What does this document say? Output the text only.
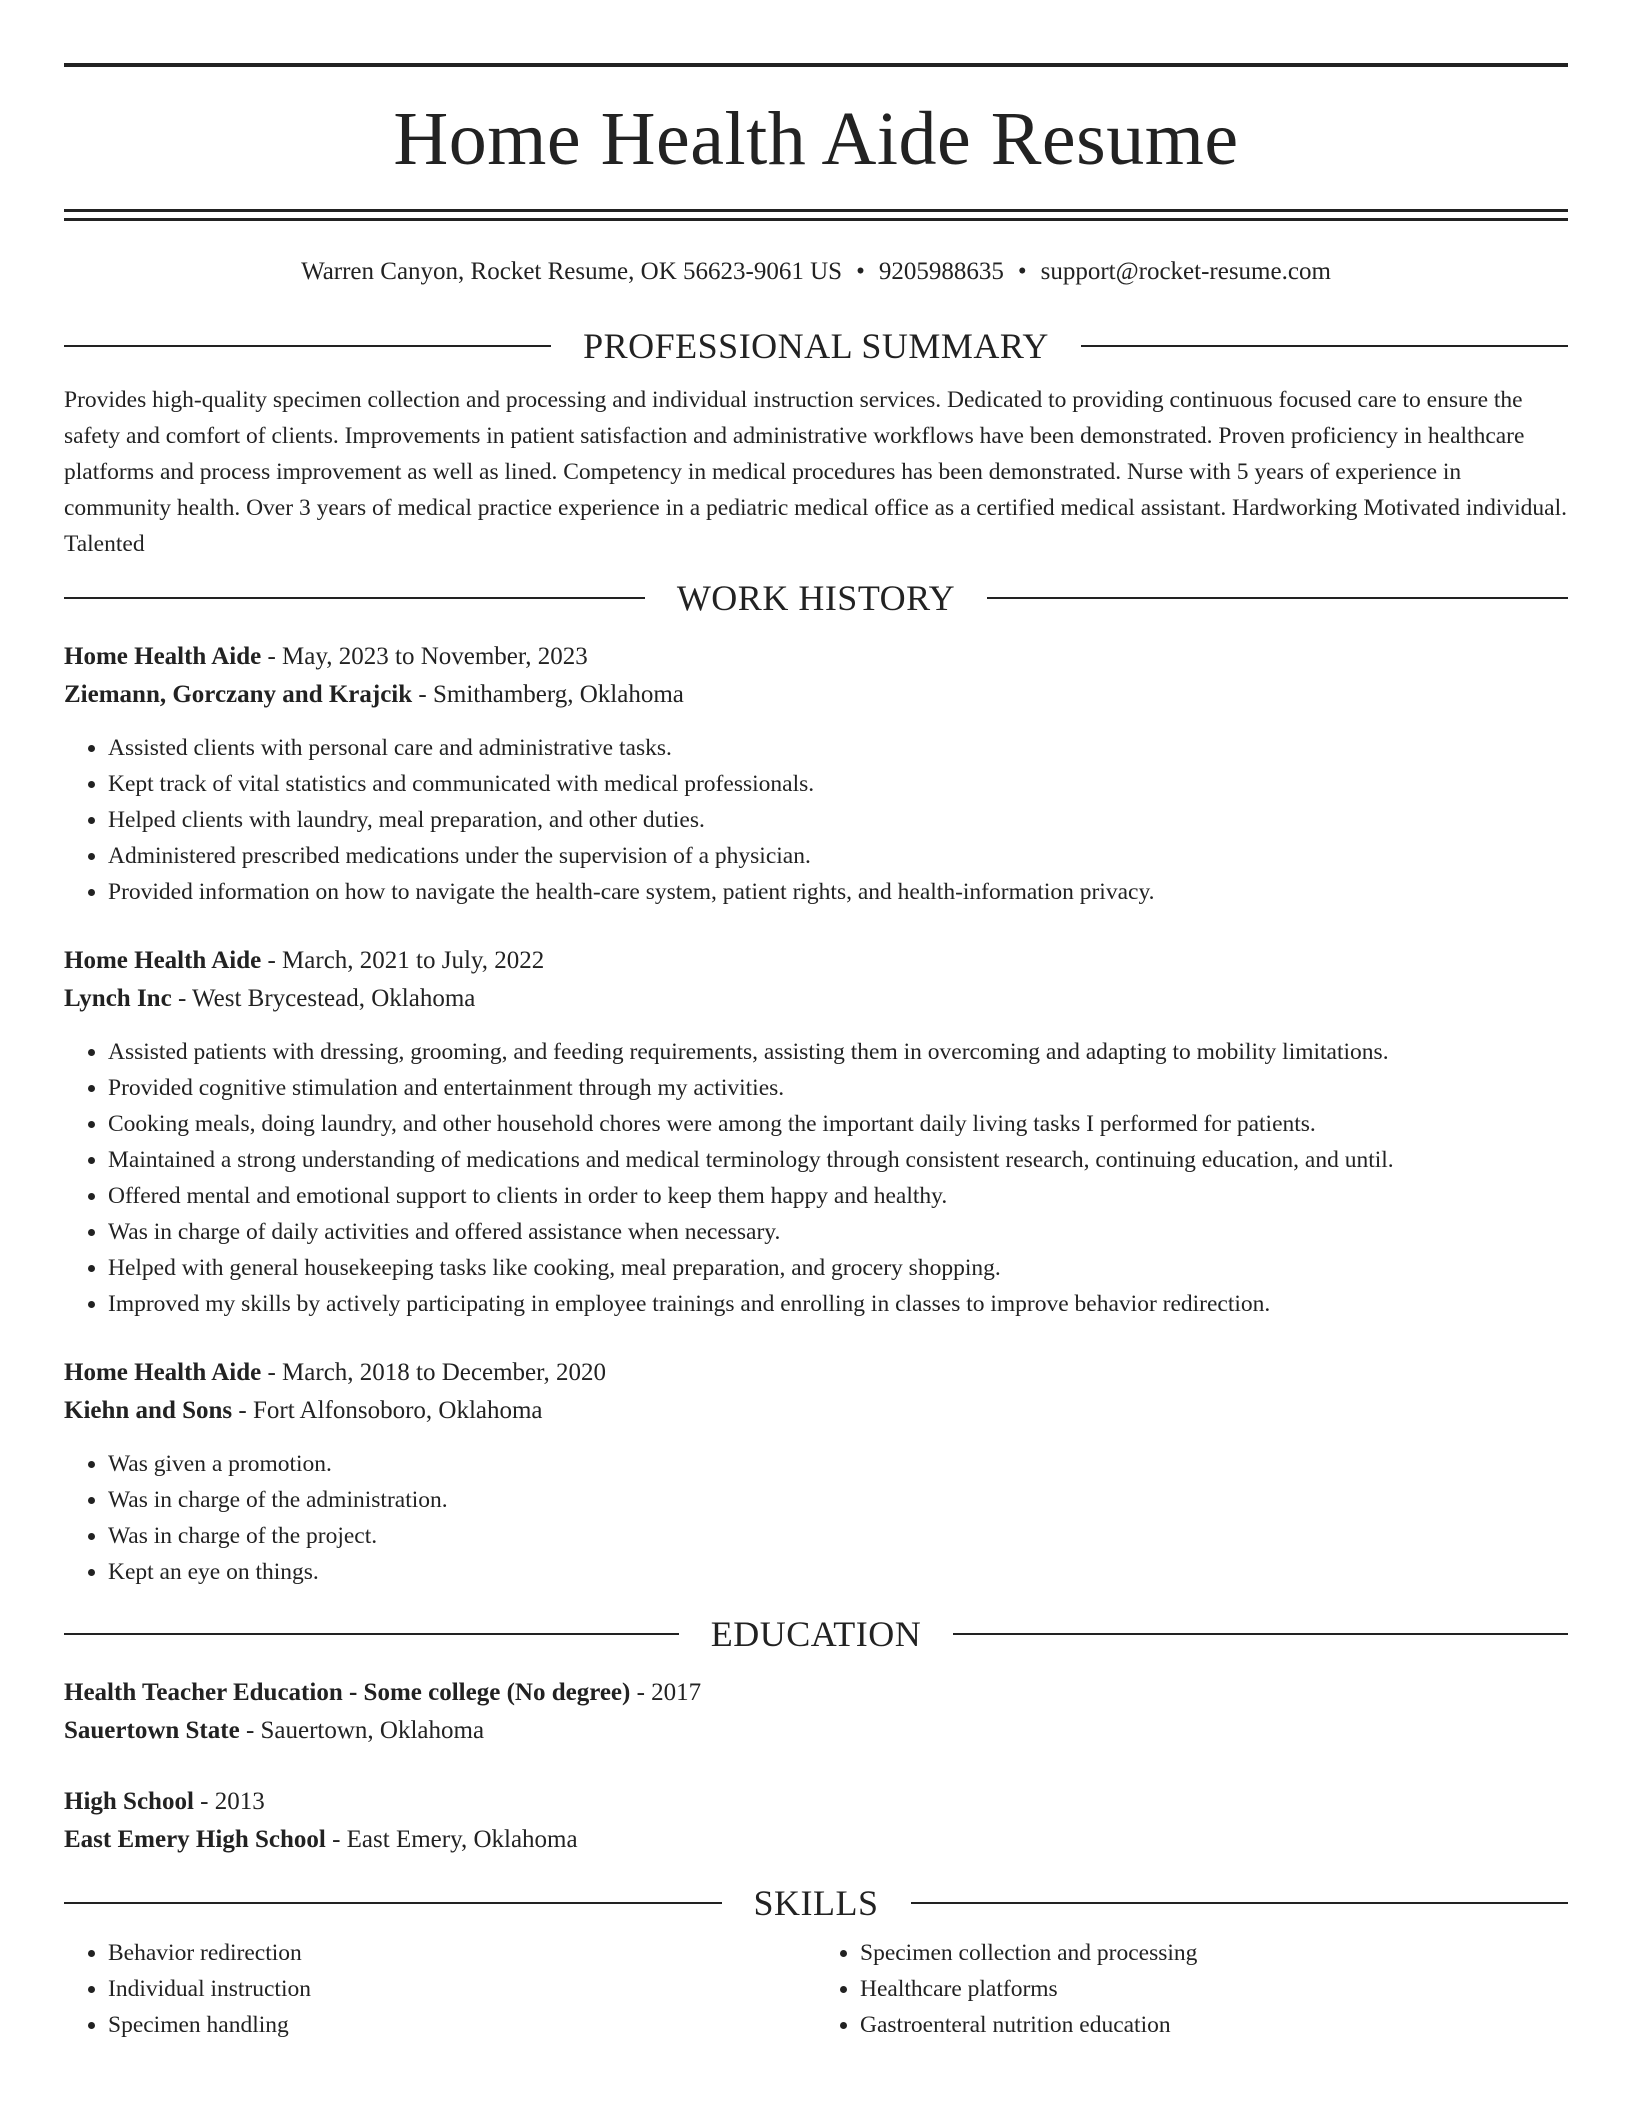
Home Health Aide Resume
Warren Canyon, Rocket Resume, OK 56623-9061 US • 9205988635 • support@rocket-resume.com
PROFESSIONAL SUMMARY

Provides high-quality specimen collection and processing and individual instruction services. Dedicated to providing continuous focused care to ensure the safety and comfort of clients. Improvements in patient satisfaction and administrative workflows have been demonstrated. Proven proficiency in healthcare platforms and process improvement as well as lined. Competency in medical procedures has been demonstrated. Nurse with 5 years of experience in community health. Over 3 years of medical practice experience in a pediatric medical office as a certified medical assistant. Hardworking Motivated individual. Talented

WORK HISTORY
Home Health Aide - May, 2023 to November, 2023
Ziemann, Gorczany and Krajcik - Smithamberg, Oklahoma
• Assisted clients with personal care and administrative tasks.
• Kept track of vital statistics and communicated with medical professionals.
• Helped clients with laundry, meal preparation, and other duties.
• Administered prescribed medications under the supervision of a physician.
• Provided information on how to navigate the health-care system, patient rights, and health-information privacy.
Home Health Aide - March, 2021 to July, 2022
Lynch Inc - West Brycestead, Oklahoma
• Assisted patients with dressing, grooming, and feeding requirements, assisting them in overcoming and adapting to mobility limitations.
• Provided cognitive stimulation and entertainment through my activities.
• Cooking meals, doing laundry, and other household chores were among the important daily living tasks I performed for patients.
• Maintained a strong understanding of medications and medical terminology through consistent research, continuing education, and until.
• Offered mental and emotional support to clients in order to keep them happy and healthy.
• Was in charge of daily activities and offered assistance when necessary.
• Helped with general housekeeping tasks like cooking, meal preparation, and grocery shopping.
• Improved my skills by actively participating in employee trainings and enrolling in classes to improve behavior redirection.
Home Health Aide - March, 2018 to December, 2020
Kiehn and Sons - Fort Alfonsoboro, Oklahoma
• Was given a promotion.
• Was in charge of the administration.
• Was in charge of the project.
• Kept an eye on things.
EDUCATION
Health Teacher Education - Some college (No degree) - 2017
Sauertown State - Sauertown, Oklahoma
High School - 2013
East Emery High School - East Emery, Oklahoma
SKILLS
• Behavior redirection
• Individual instruction
• Specimen handling
• Specimen collection and processing
• Healthcare platforms
• Gastroenteral nutrition education
